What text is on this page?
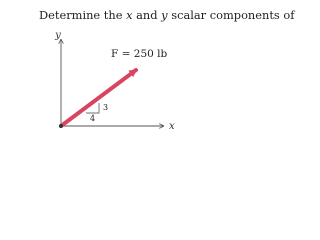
Determine the x and y scalar components of

y
x
F = 250 lb
3
4
